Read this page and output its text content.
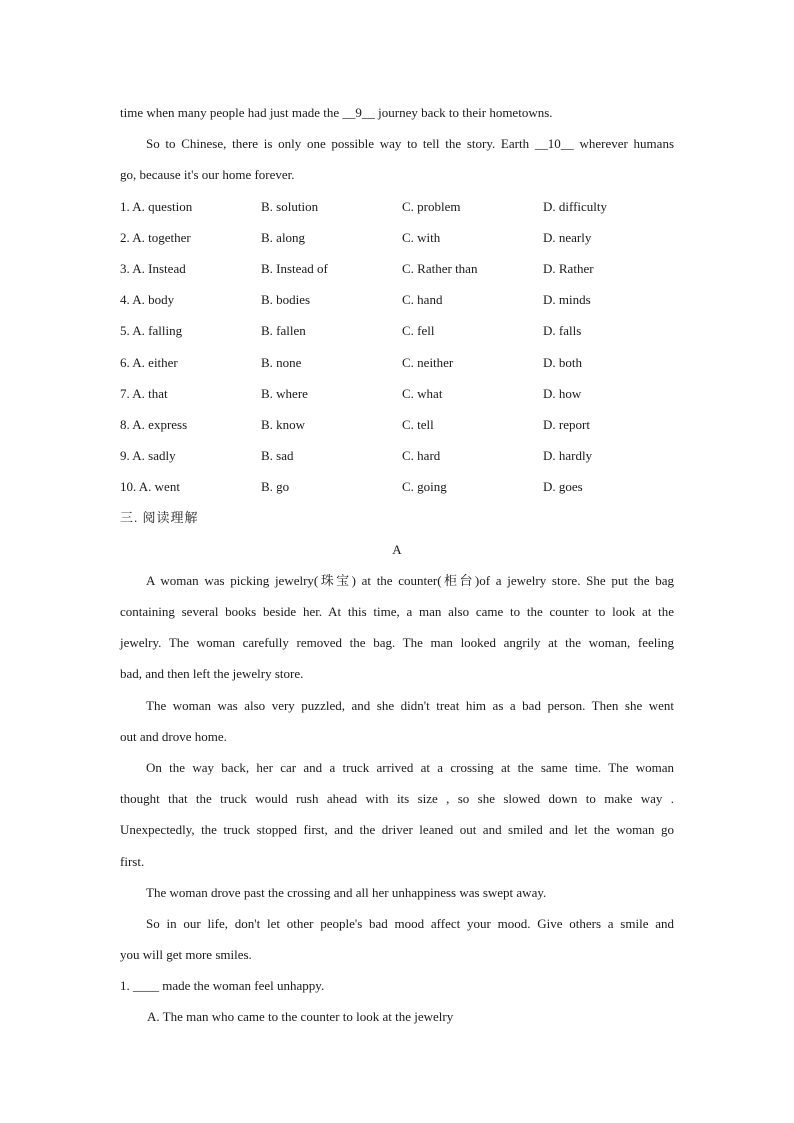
time when many people had just made the __9__ journey back to their hometowns.
So to Chinese, there is only one possible way to tell the story. Earth __10__ wherever humans
go, because it's our home forever.
1. A. question	B. solution	C. problem	D. difficulty
2. A. together	B. along	C. with	D. nearly
3. A. Instead	B. Instead of	C. Rather than	D. Rather
4. A. body	B. bodies	C. hand	D. minds
5. A. falling	B. fallen	C. fell	D. falls
6. A. either	B. none	C. neither	D. both
7. A. that	B. where	C. what	D. how
8. A. express	B. know	C. tell	D. report
9. A. sadly	B. sad	C. hard	D. hardly
10. A. went	B. go	C. going	D. goes
三. 阅读理解
A
A woman was picking jewelry(珠宝) at the counter(柜台)of a jewelry store. She put the bag
containing several books beside her. At this time, a man also came to the counter to look at the
jewelry. The woman carefully removed the bag. The man looked angrily at the woman, feeling
bad, and then left the jewelry store.
The woman was also very puzzled, and she didn't treat him as a bad person. Then she went
out and drove home.
On the way back, her car and a truck arrived at a crossing at the same time. The woman
thought that the truck would rush ahead with its size , so she slowed down to make way .
Unexpectedly, the truck stopped first, and the driver leaned out and smiled and let the woman go
first.
The woman drove past the crossing and all her unhappiness was swept away.
So in our life, don't let other people's bad mood affect your mood. Give others a smile and
you will get more smiles.
1. ____ made the woman feel unhappy.
A. The man who came to the counter to look at the jewelry
